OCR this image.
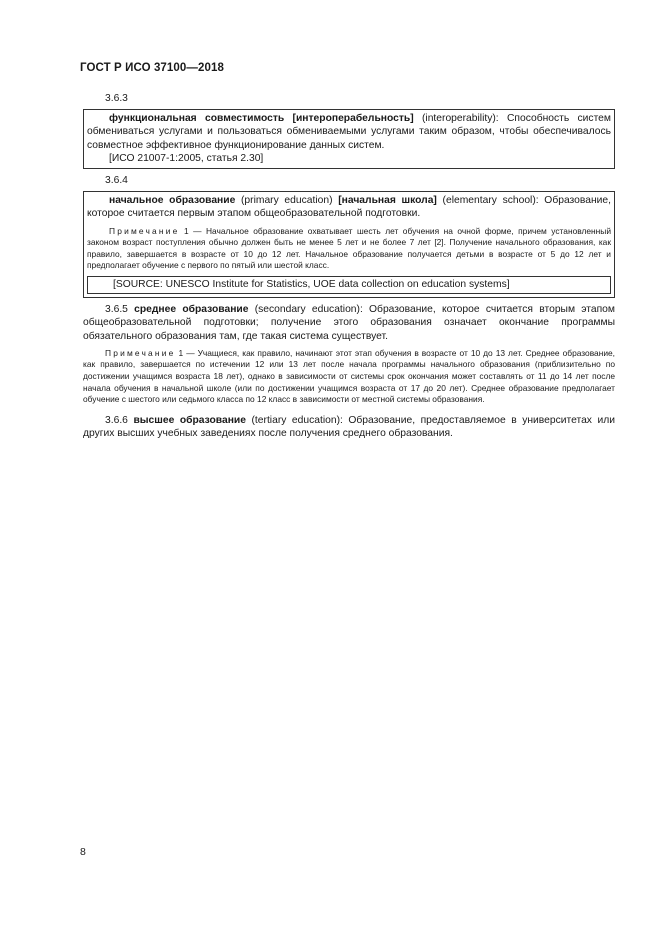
ГОСТ Р ИСО 37100—2018
3.6.3
функциональная совместимость [интероперабельность] (interoperability): Способность систем обмениваться услугами и пользоваться обмениваемыми услугами таким образом, чтобы обеспечивалось совместное эффективное функционирование данных систем.
[ИСО 21007-1:2005, статья 2.30]
3.6.4
начальное образование (primary education) [начальная школа] (elementary school): Образование, которое считается первым этапом общеобразовательной подготовки.
Примечание 1 — Начальное образование охватывает шесть лет обучения на очной форме, причем установленный законом возраст поступления обычно должен быть не менее 5 лет и не более 7 лет [2]. Получение начального образования, как правило, завершается в возрасте от 10 до 12 лет. Начальное образование получается детьми в возрасте от 5 до 12 лет и предполагает обучение с первого по пятый или шестой класс.
[SOURCE: UNESCO Institute for Statistics, UOE data collection on education systems]
3.6.5 среднее образование (secondary education): Образование, которое считается вторым этапом общеобразовательной подготовки; получение этого образования означает окончание программы обязательного образования там, где такая система существует.
Примечание 1 — Учащиеся, как правило, начинают этот этап обучения в возрасте от 10 до 13 лет. Среднее образование, как правило, завершается по истечении 12 или 13 лет после начала программы начального образования (приблизительно по достижении учащимся возраста 18 лет), однако в зависимости от системы срок окончания может составлять от 11 до 14 лет после начала обучения в начальной школе (или по достижении учащимся возраста от 17 до 20 лет). Среднее образование предполагает обучение с шестого или седьмого класса по 12 класс в зависимости от местной системы образования.
3.6.6 высшее образование (tertiary education): Образование, предоставляемое в университетах или других высших учебных заведениях после получения среднего образования.
8
